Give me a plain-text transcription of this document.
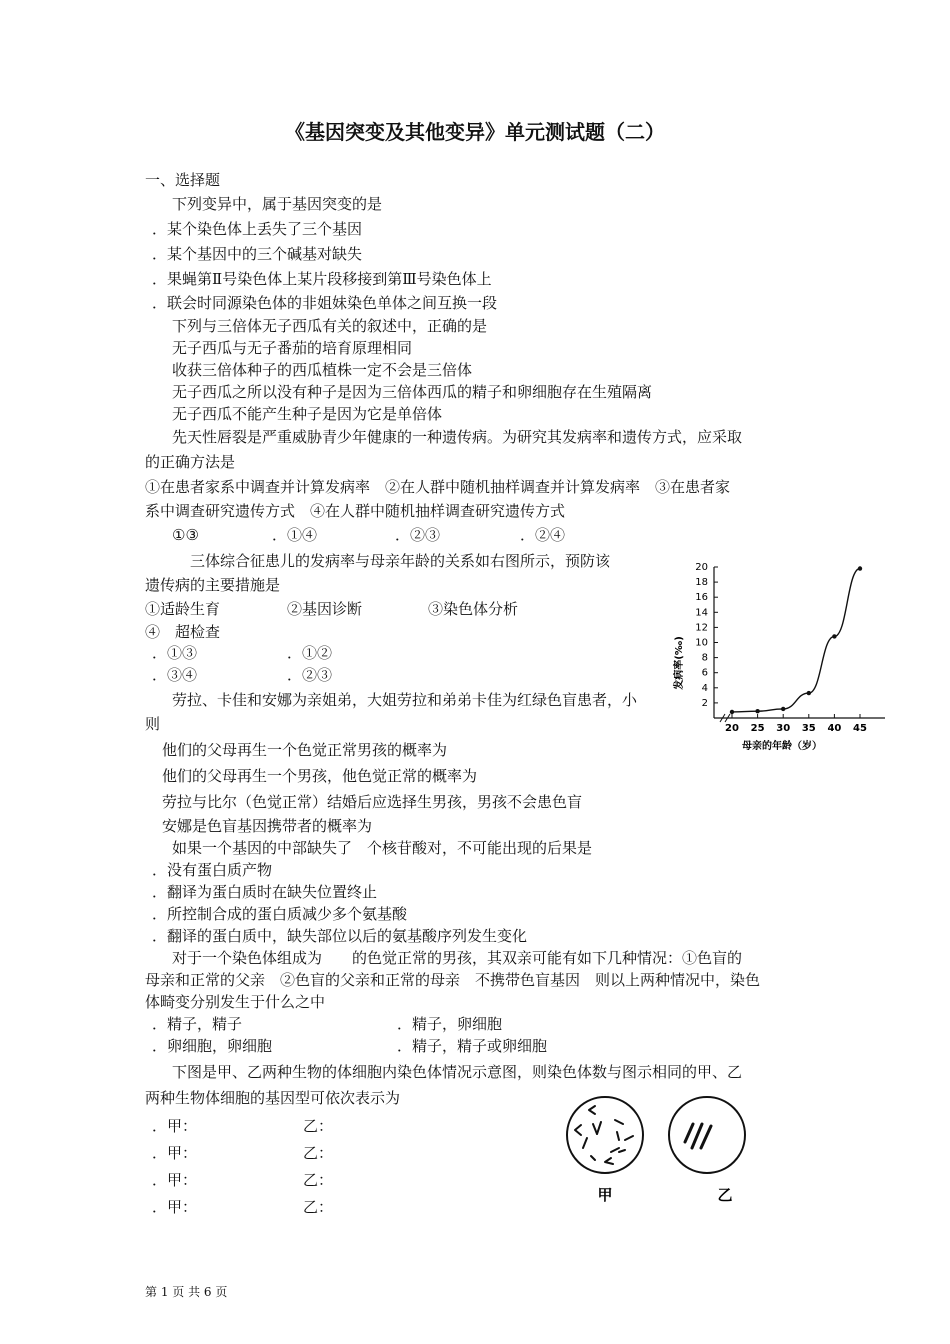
《基因突变及其他变异》单元测试题（二）
一、选择题
下列变异中，属于基因突变的是
．某个染色体上丢失了三个基因
．某个基因中的三个碱基对缺失
．果蝇第Ⅱ号染色体上某片段移接到第Ⅲ号染色体上
．联会时同源染色体的非姐妹染色单体之间互换一段
下列与三倍体无子西瓜有关的叙述中，正确的是
无子西瓜与无子番茄的培育原理相同
收获三倍体种子的西瓜植株一定不会是三倍体
无子西瓜之所以没有种子是因为三倍体西瓜的精子和卵细胞存在生殖隔离
无子西瓜不能产生种子是因为它是单倍体
先天性唇裂是严重威胁青少年健康的一种遗传病。为研究其发病率和遗传方式，应采取
的正确方法是
①在患者家系中调查并计算发病率　②在人群中随机抽样调查并计算发病率　③在患者家
系中调查研究遗传方式　④在人群中随机抽样调查研究遗传方式
①③	．①④	．②③	．②④
三体综合征患儿的发病率与母亲年龄的关系如右图所示，预防该
遗传病的主要措施是
①适龄生育	②基因诊断	③染色体分析
④　超检查
．①③	．①②
．③④	．②③
劳拉、卡佳和安娜为亲姐弟，大姐劳拉和弟弟卡佳为红绿色盲患者，小
则
他们的父母再生一个色觉正常男孩的概率为
他们的父母再生一个男孩，他色觉正常的概率为
劳拉与比尔（色觉正常）结婚后应选择生男孩，男孩不会患色盲
安娜是色盲基因携带者的概率为
如果一个基因的中部缺失了　个核苷酸对，不可能出现的后果是
．没有蛋白质产物
．翻译为蛋白质时在缺失位置终止
．所控制合成的蛋白质减少多个氨基酸
．翻译的蛋白质中，缺失部位以后的氨基酸序列发生变化
对于一个染色体组成为　　的色觉正常的男孩，其双亲可能有如下几种情况：①色盲的
母亲和正常的父亲　②色盲的父亲和正常的母亲　不携带色盲基因　则以上两种情况中，染色
体畸变分别发生于什么之中
．精子，精子	．精子，卵细胞
．卵细胞，卵细胞	．精子，精子或卵细胞
下图是甲、乙两种生物的体细胞内染色体情况示意图，则染色体数与图示相同的甲、乙
两种生物体细胞的基因型可依次表示为
．甲：	乙：
．甲：	乙：
．甲：	乙：
．甲：	乙：
2
4
6
8
10
12
14
16
18
20
20 25 30 35 40 45
发病率(‰)
母亲的年龄（岁）
甲	乙
第 1 页 共 6 页
